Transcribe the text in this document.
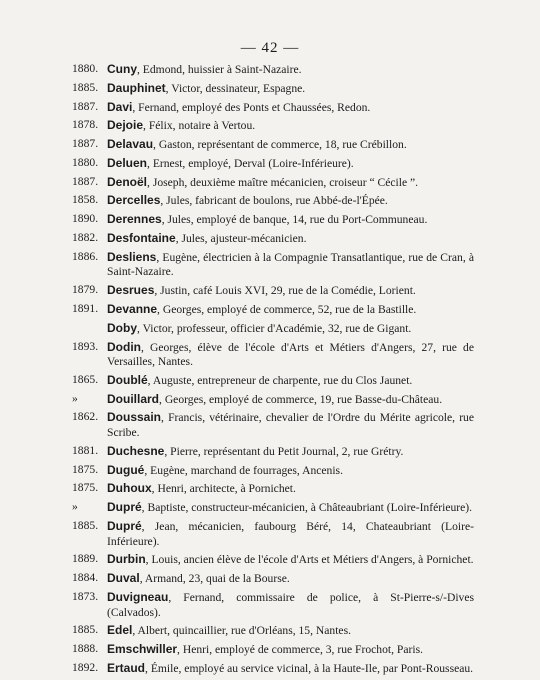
— 42 —
1880. Cuny, Edmond, huissier à Saint-Nazaire.
1885. Dauphinet, Victor, dessinateur, Espagne.
1887. Davi, Fernand, employé des Ponts et Chaussées, Redon.
1878. Dejoie, Félix, notaire à Vertou.
1887. Delavau, Gaston, représentant de commerce, 18, rue Crébillon.
1880. Deluen, Ernest, employé, Derval (Loire-Inférieure).
1887. Denoël, Joseph, deuxième maître mécanicien, croiseur “ Cécile ”.
1858. Dercelles, Jules, fabricant de boulons, rue Abbé-de-l'Épée.
1890. Derennes, Jules, employé de banque, 14, rue du Port-Communeau.
1882. Desfontaine, Jules, ajusteur-mécanicien.
1886. Desliens, Eugène, électricien à la Compagnie Transatlantique, rue de Cran, à Saint-Nazaire.
1879. Desrues, Justin, café Louis XVI, 29, rue de la Comédie, Lorient.
1891. Devanne, Georges, employé de commerce, 52, rue de la Bastille.
Doby, Victor, professeur, officier d'Académie, 32, rue de Gigant.
1893. Dodin, Georges, élève de l'école d'Arts et Métiers d'Angers, 27, rue de Versailles, Nantes.
1865. Doublé, Auguste, entrepreneur de charpente, rue du Clos Jaunet.
»	Douillard, Georges, employé de commerce, 19, rue Basse-du-Château.
1862. Doussain, Francis, vétérinaire, chevalier de l'Ordre du Mérite agricole, rue Scribe.
1881. Duchesne, Pierre, représentant du Petit Journal, 2, rue Grétry.
1875. Dugué, Eugène, marchand de fourrages, Ancenis.
1875. Duhoux, Henri, architecte, à Pornichet.
»	Dupré, Baptiste, constructeur-mécanicien, à Châteaubriant (Loire-Inférieure).
1885. Dupré, Jean, mécanicien, faubourg Béré, 14, Chateaubriant (Loire-Inférieure).
1889. Durbin, Louis, ancien élève de l'école d'Arts et Métiers d'Angers, à Pornichet.
1884. Duval, Armand, 23, quai de la Bourse.
1873. Duvigneau, Fernand, commissaire de police, à St-Pierre-s/-Dives (Calvados).
1885. Edel, Albert, quincaillier, rue d'Orléans, 15, Nantes.
1888. Emschwiller, Henri, employé de commerce, 3, rue Frochot, Paris.
1892. Ertaud, Émile, employé au service vicinal, à la Haute-Ile, par Pont-Rousseau.
